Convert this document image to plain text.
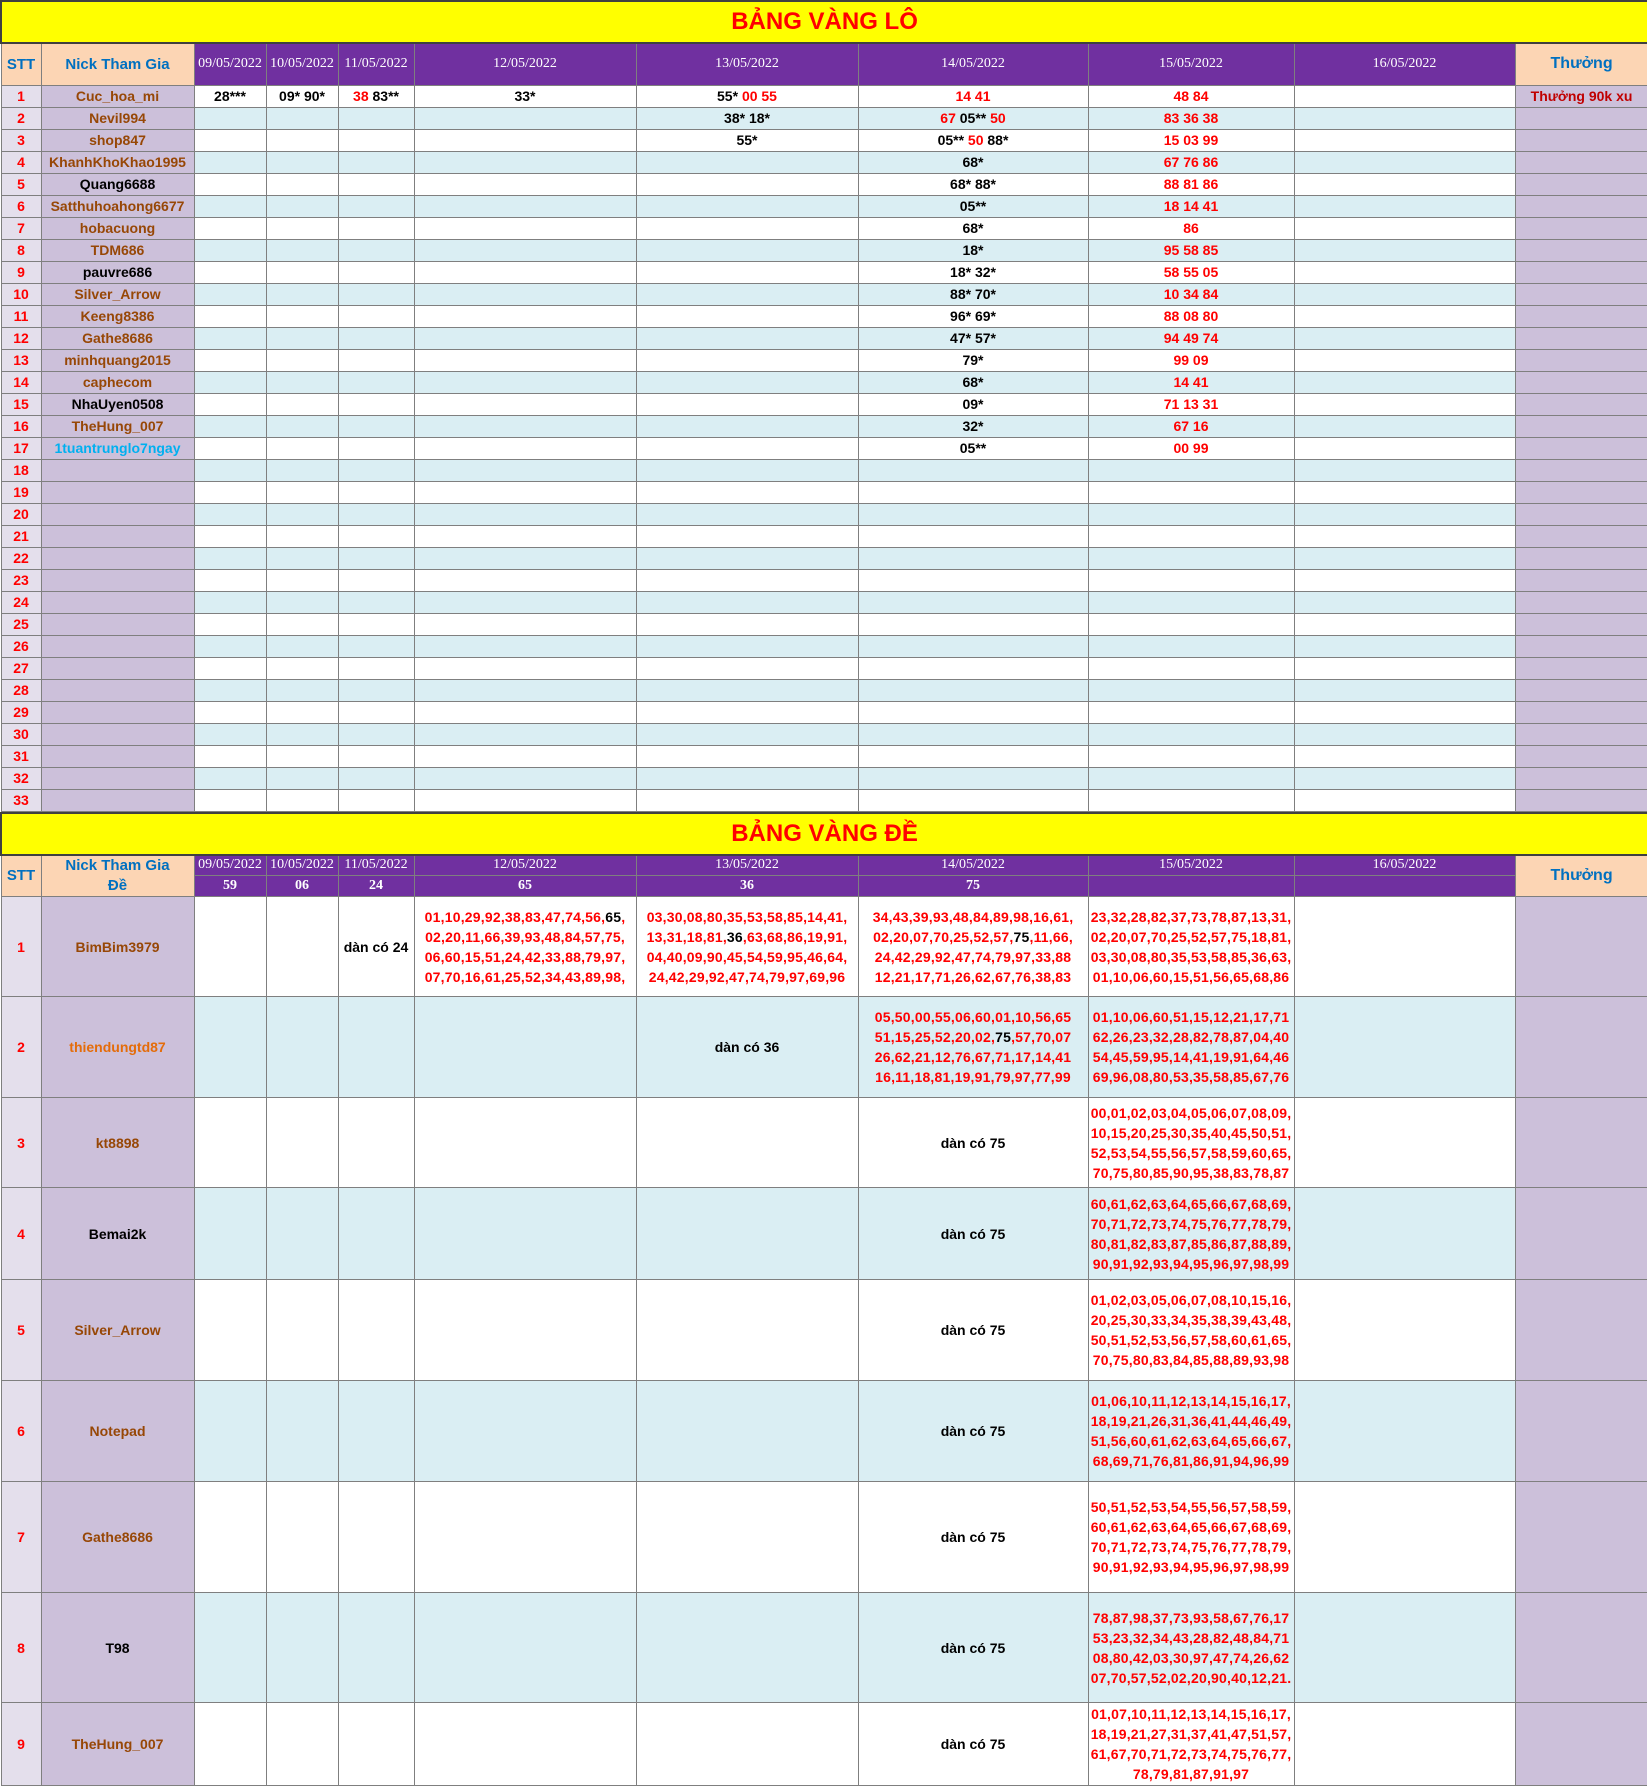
BẢNG VÀNG LÔ										
STT	Nick Tham Gia	09/05/2022	10/05/2022	11/05/2022	12/05/2022	13/05/2022	14/05/2022	15/05/2022	16/05/2022	Thưởng
1	Cuc_hoa_mi	28***	09* 90*	38 83**	33*	55* 00 55	14 41	48 84		Thưởng 90k xu
2	Nevil994					38* 18*	67 05** 50	83 36 38		
3	shop847					55*	05** 50 88*	15 03 99		
4	KhanhKhoKhao1995						68*	67 76 86		
5	Quang6688						68* 88*	88 81 86		
6	Satthuhoahong6677						05**	18 14 41		
7	hobacuong						68*	86		
8	TDM686						18*	95 58 85		
9	pauvre686						18* 32*	58 55 05		
10	Silver_Arrow						88* 70*	10 34 84		
11	Keeng8386						96* 69*	88 08 80		
12	Gathe8686						47* 57*	94 49 74		
13	minhquang2015						79*	99 09		
14	caphecom						68*	14 41		
15	NhaUyen0508						09*	71 13 31		
16	TheHung_007						32*	67 16		
17	1tuantrunglo7ngay						05**	00 99		
18										
19										
20										
21										
22										
23										
24										
25										
26										
27										
28										
29										
30										
31										
32										
33										
BẢNG VÀNG ĐỀ										
STT	Nick Tham Gia	09/05/2022	10/05/2022	11/05/2022	12/05/2022	13/05/2022	14/05/2022	15/05/2022	16/05/2022	Thưởng
	Đề	59	06	24	65	36	75			
1	BimBim3979			dàn có 24	01,10,29,92,38,83,47,74,56,65,
02,20,11,66,39,93,48,84,57,75,
06,60,15,51,24,42,33,88,79,97,
07,70,16,61,25,52,34,43,89,98,	03,30,08,80,35,53,58,85,14,41,
13,31,18,81,36,63,68,86,19,91,
04,40,09,90,45,54,59,95,46,64,
24,42,29,92,47,74,79,97,69,96	34,43,39,93,48,84,89,98,16,61,
02,20,07,70,25,52,57,75,11,66,
24,42,29,92,47,74,79,97,33,88
12,21,17,71,26,62,67,76,38,83	23,32,28,82,37,73,78,87,13,31,
02,20,07,70,25,52,57,75,18,81,
03,30,08,80,35,53,58,85,36,63,
01,10,06,60,15,51,56,65,68,86		

2	thiendungtd87					dàn có 36	05,50,00,55,06,60,01,10,56,65
51,15,25,52,20,02,75,57,70,07
26,62,21,12,76,67,71,17,14,41
16,11,18,81,19,91,79,97,77,99	01,10,06,60,51,15,12,21,17,71
62,26,23,32,28,82,78,87,04,40
54,45,59,95,14,41,19,91,64,46
69,96,08,80,53,35,58,85,67,76		

3	kt8898						dàn có 75	00,01,02,03,04,05,06,07,08,09,
10,15,20,25,30,35,40,45,50,51,
52,53,54,55,56,57,58,59,60,65,
70,75,80,85,90,95,38,83,78,87		

4	Bemai2k						dàn có 75	60,61,62,63,64,65,66,67,68,69,
70,71,72,73,74,75,76,77,78,79,
80,81,82,83,87,85,86,87,88,89,
90,91,92,93,94,95,96,97,98,99		

5	Silver_Arrow						dàn có 75	01,02,03,05,06,07,08,10,15,16,
20,25,30,33,34,35,38,39,43,48,
50,51,52,53,56,57,58,60,61,65,
70,75,80,83,84,85,88,89,93,98		

6	Notepad						dàn có 75	01,06,10,11,12,13,14,15,16,17,
18,19,21,26,31,36,41,44,46,49,
51,56,60,61,62,63,64,65,66,67,
68,69,71,76,81,86,91,94,96,99		

7	Gathe8686						dàn có 75	50,51,52,53,54,55,56,57,58,59,
60,61,62,63,64,65,66,67,68,69,
70,71,72,73,74,75,76,77,78,79,
90,91,92,93,94,95,96,97,98,99		

8	T98						dàn có 75	78,87,98,37,73,93,58,67,76,17
53,23,32,34,43,28,82,48,84,71
08,80,42,03,30,97,47,74,26,62
07,70,57,52,02,20,90,40,12,21.		

9	TheHung_007						dàn có 75	01,07,10,11,12,13,14,15,16,17,
18,19,21,27,31,37,41,47,51,57,
61,67,70,71,72,73,74,75,76,77,
78,79,81,87,91,97		
